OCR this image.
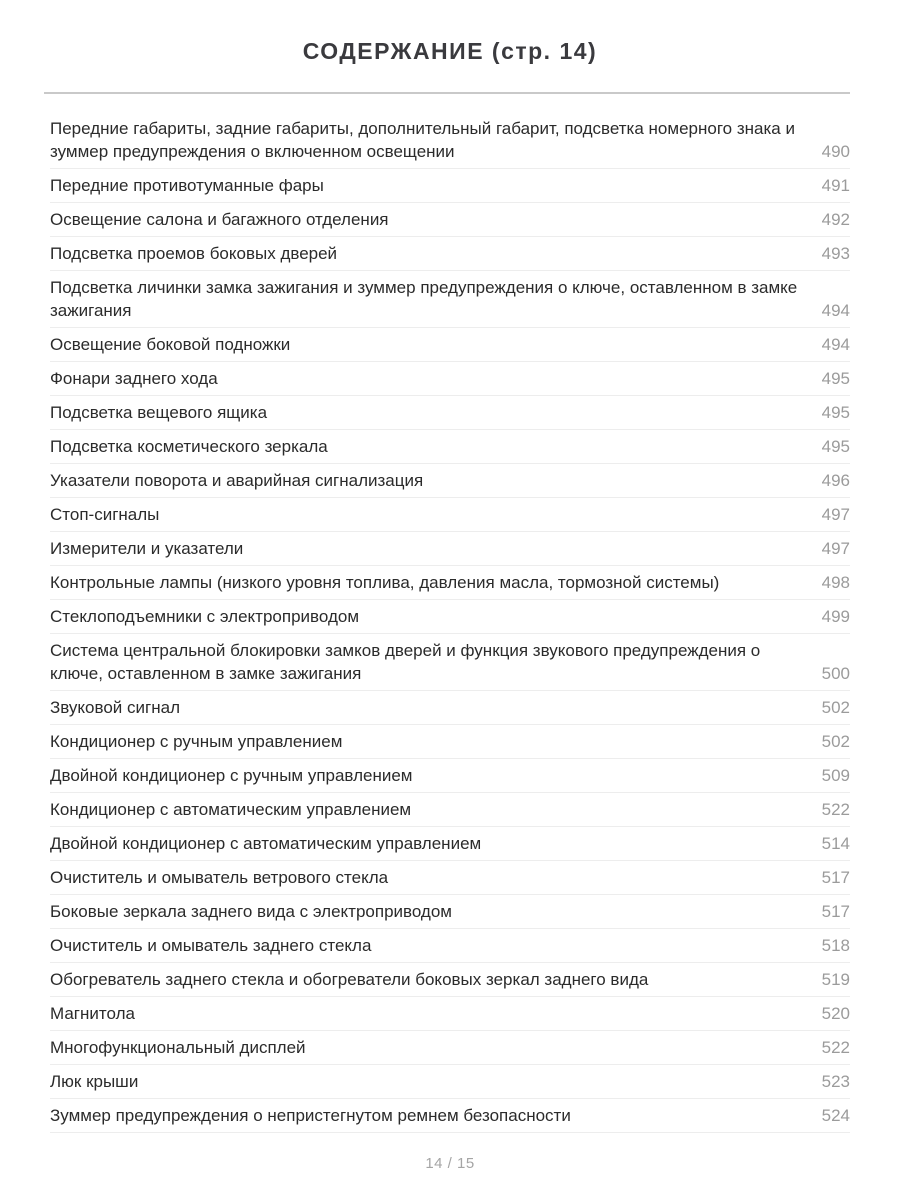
СОДЕРЖАНИЕ (стр. 14)
Передние габариты, задние габариты, дополнительный габарит, подсветка номерного знака и зуммер предупреждения о включенном освещении	490
Передние противотуманные фары	491
Освещение салона и багажного отделения	492
Подсветка проемов боковых дверей	493
Подсветка личинки замка зажигания и зуммер предупреждения о ключе, оставленном в замке зажигания	494
Освещение боковой подножки	494
Фонари заднего хода	495
Подсветка вещевого ящика	495
Подсветка косметического зеркала	495
Указатели поворота и аварийная сигнализация	496
Стоп-сигналы	497
Измерители и указатели	497
Контрольные лампы (низкого уровня топлива, давления масла, тормозной системы)	498
Стеклоподъемники с электроприводом	499
Система центральной блокировки замков дверей и функция звукового предупреждения о ключе, оставленном в замке зажигания	500
Звуковой сигнал	502
Кондиционер с ручным управлением	502
Двойной кондиционер с ручным управлением	509
Кондиционер с автоматическим управлением	522
Двойной кондиционер с автоматическим управлением	514
Очиститель и омыватель ветрового стекла	517
Боковые зеркала заднего вида с электроприводом	517
Очиститель и омыватель заднего стекла	518
Обогреватель заднего стекла и обогреватели боковых зеркал заднего вида	519
Магнитола	520
Многофункциональный дисплей	522
Люк крыши	523
Зуммер предупреждения о непристегнутом ремнем безопасности	524
14 / 15
